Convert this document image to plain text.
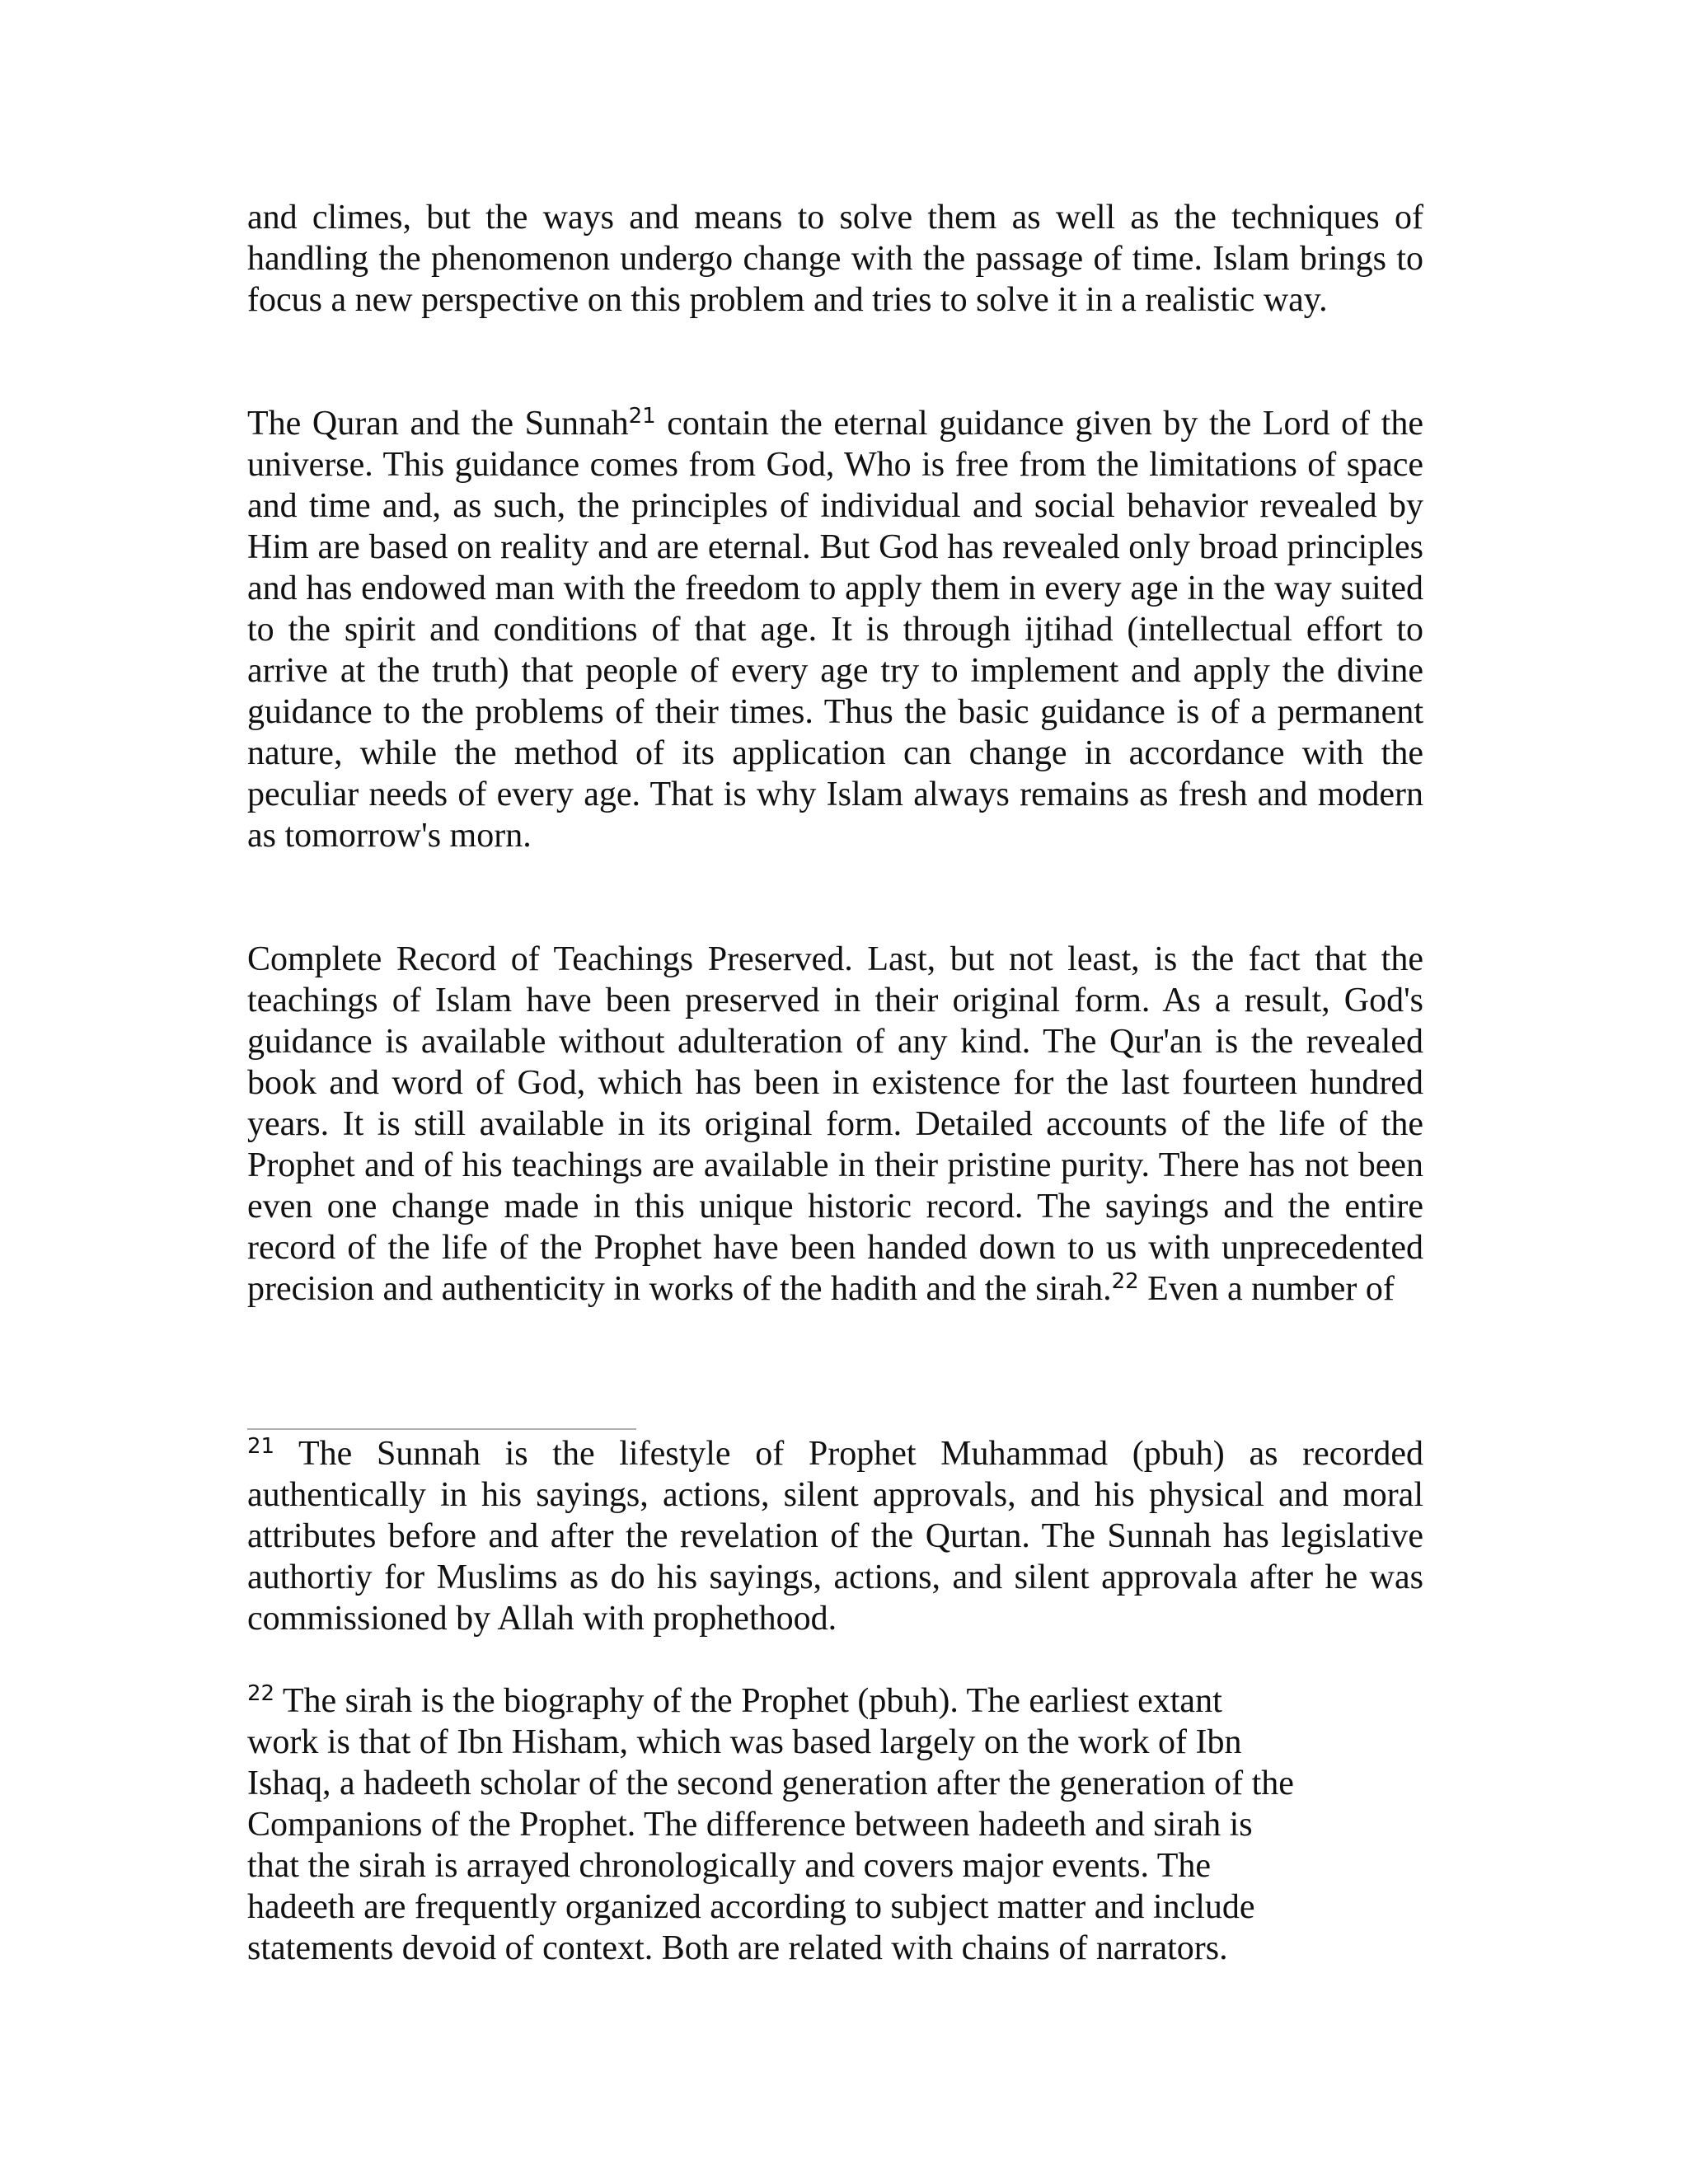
and climes, but the ways and means to solve them as well as the techniques of handling the phenomenon undergo change with the passage of time. Islam brings to focus a new perspective on this problem and tries to solve it in a realistic way.

The Quran and the Sunnah$^{21}$ contain the eternal guidance given by the Lord of the universe. This guidance comes from God, Who is free from the limitations of space and time and, as such, the principles of individual and social behavior revealed by Him are based on reality and are eternal. But God has revealed only broad principles and has endowed man with the freedom to apply them in every age in the way suited to the spirit and conditions of that age. It is through ijtihad (intellectual effort to arrive at the truth) that people of every age try to implement and apply the divine guidance to the problems of their times. Thus the basic guidance is of a permanent nature, while the method of its application can change in accordance with the peculiar needs of every age. That is why Islam always remains as fresh and modern as tomorrow's morn.

Complete Record of Teachings Preserved. Last, but not least, is the fact that the teachings of Islam have been preserved in their original form. As a result, God's guidance is available without adulteration of any kind. The Qur'an is the revealed book and word of God, which has been in existence for the last fourteen hundred years. It is still available in its original form. Detailed accounts of the life of the Prophet and of his teachings are available in their pristine purity. There has not been even one change made in this unique historic record. The sayings and the entire record of the life of the Prophet have been handed down to us with unprecedented precision and authenticity in works of the hadith and the sirah.$^{22}$ Even a number of

$^{21}$ The Sunnah is the lifestyle of Prophet Muhammad (pbuh) as recorded authentically in his sayings, actions, silent approvals, and his physical and moral attributes before and after the revelation of the Qurtan. The Sunnah has legislative authortiy for Muslims as do his sayings, actions, and silent approvala after he was commissioned by Allah with prophethood.

$^{22}$ The sirah is the biography of the Prophet (pbuh). The earliest extant
work is that of Ibn Hisham, which was based largely on the work of Ibn
Ishaq, a hadeeth scholar of the second generation after the generation of the
Companions of the Prophet. The difference between hadeeth and sirah is
that the sirah is arrayed chronologically and covers major events. The
hadeeth are frequently organized according to subject matter and include
statements devoid of context. Both are related with chains of narrators.
